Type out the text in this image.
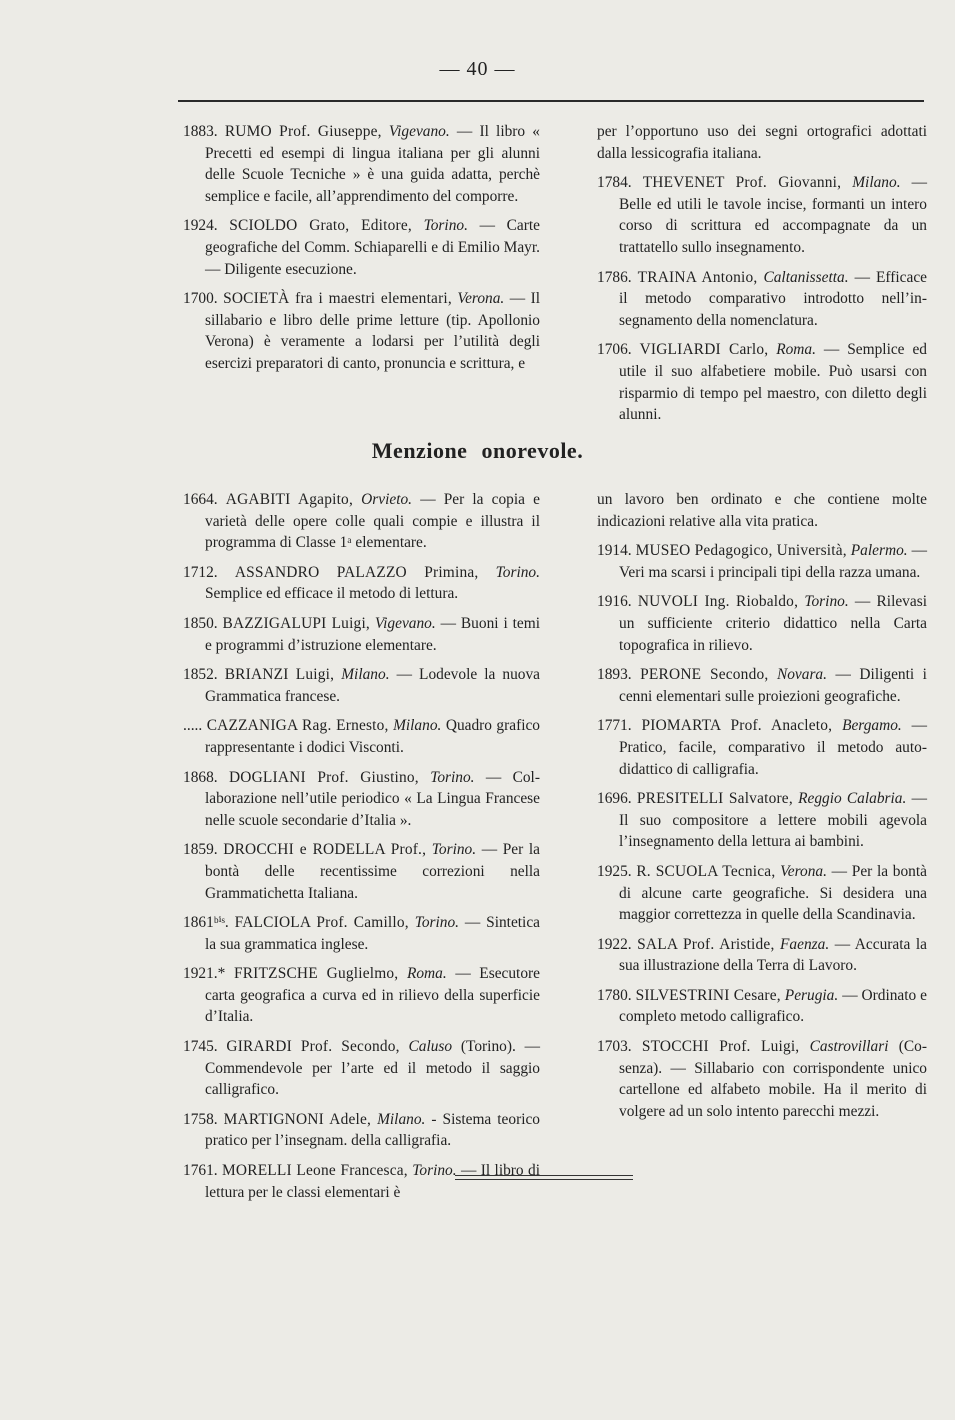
— 40 —

1883. RUMO Prof. Giuseppe, Vigevano. — Il libro « Precetti ed esempi di lingua italiana per gli alunni delle Scuole Tecniche » è una guida adatta, perchè semplice e facile, all’apprendimento del comporre.

1924. SCIOLDO Grato, Editore, Torino. — Carte geografiche del Comm. Schiaparelli e di Emilio Mayr. — Diligente esecuzione.

1700. SOCIETÀ fra i maestri elementari, Verona. — Il sillabario e libro delle prime letture (tip. Apollonio Verona) è veramente a lodarsi per l’utilità degli esercizi preparatori di canto, pronuncia e scrittura, e

per l’opportuno uso dei segni ortografici adottati dalla lessicografia italiana.

1784. THEVENET Prof. Giovanni, Milano. — Belle ed utili le tavole incise, formanti un intero corso di scrittura ed accompagnate da un trattatello sullo insegnamento.

1786. TRAINA Antonio, Caltanissetta. — Efficace il metodo comparativo introdotto nell’insegnamento della nomenclatura.

1706. VIGLIARDI Carlo, Roma. — Semplice ed utile il suo alfabetiere mobile. Può usarsi con risparmio di tempo pel maestro, con diletto degli alunni.

Menzione onorevole.

1664. AGABITI Agapito, Orvieto. — Per la copia e varietà delle opere colle quali compie e illustra il programma di Classe 1ᵃ elementare.

1712. ASSANDRO PALAZZO Primina, Torino. Semplice ed efficace il metodo di lettura.

1850. BAZZIGALUPI Luigi, Vigevano. — Buoni i temi e programmi d’istruzione elementare.

1852. BRIANZI Luigi, Milano. — Lodevole la nuova Grammatica francese.

..... CAZZANIGA Rag. Ernesto, Milano. Quadro grafico rappresentante i dodici Visconti.

1868. DOGLIANI Prof. Giustino, Torino. — Collaborazione nell’utile periodico « La Lingua Francese nelle scuole secondarie d’Italia ».

1859. DROCCHI e RODELLA Prof., Torino. — Per la bontà delle recentissime correzioni nella Grammatichetta Italiana.

1861ᵇⁱˢ. FALCIOLA Prof. Camillo, Torino. — Sintetica la sua grammatica inglese.

1921.* FRITZSCHE Guglielmo, Roma. — Esecutore carta geografica a curva ed in rilievo della superficie d’Italia.

1745. GIRARDI Prof. Secondo, Caluso (Torino). — Commendevole per l’arte ed il metodo il saggio calligrafico.

1758. MARTIGNONI Adele, Milano. - Sistema teorico pratico per l’insegnam. della calligrafia.

1761. MORELLI Leone Francesca, Torino. — Il libro di lettura per le classi elementari è

un lavoro ben ordinato e che contiene molte indicazioni relative alla vita pratica.

1914. MUSEO Pedagogico, Università, Palermo. — Veri ma scarsi i principali tipi della razza umana.

1916. NUVOLI Ing. Riobaldo, Torino. — Rilevasi un sufficiente criterio didattico nella Carta topografica in rilievo.

1893. PERONE Secondo, Novara. — Diligenti i cenni elementari sulle proiezioni geografiche.

1771. PIOMARTA Prof. Anacleto, Bergamo. — Pratico, facile, comparativo il metodo autodidattico di calligrafia.

1696. PRESITELLI Salvatore, Reggio Calabria. — Il suo compositore a lettere mobili agevola l’insegnamento della lettura ai bambini.

1925. R. SCUOLA Tecnica, Verona. — Per la bontà di alcune carte geografiche. Si desidera una maggior correttezza in quelle della Scandinavia.

1922. SALA Prof. Aristide, Faenza. — Accurata la sua illustrazione della Terra di Lavoro.

1780. SILVESTRINI Cesare, Perugia. — Ordinato e completo metodo calligrafico.

1703. STOCCHI Prof. Luigi, Castrovillari (Cosenza). — Sillabario con corrispondente unico cartellone ed alfabeto mobile. Ha il merito di volgere ad un solo intento parecchi mezzi.
